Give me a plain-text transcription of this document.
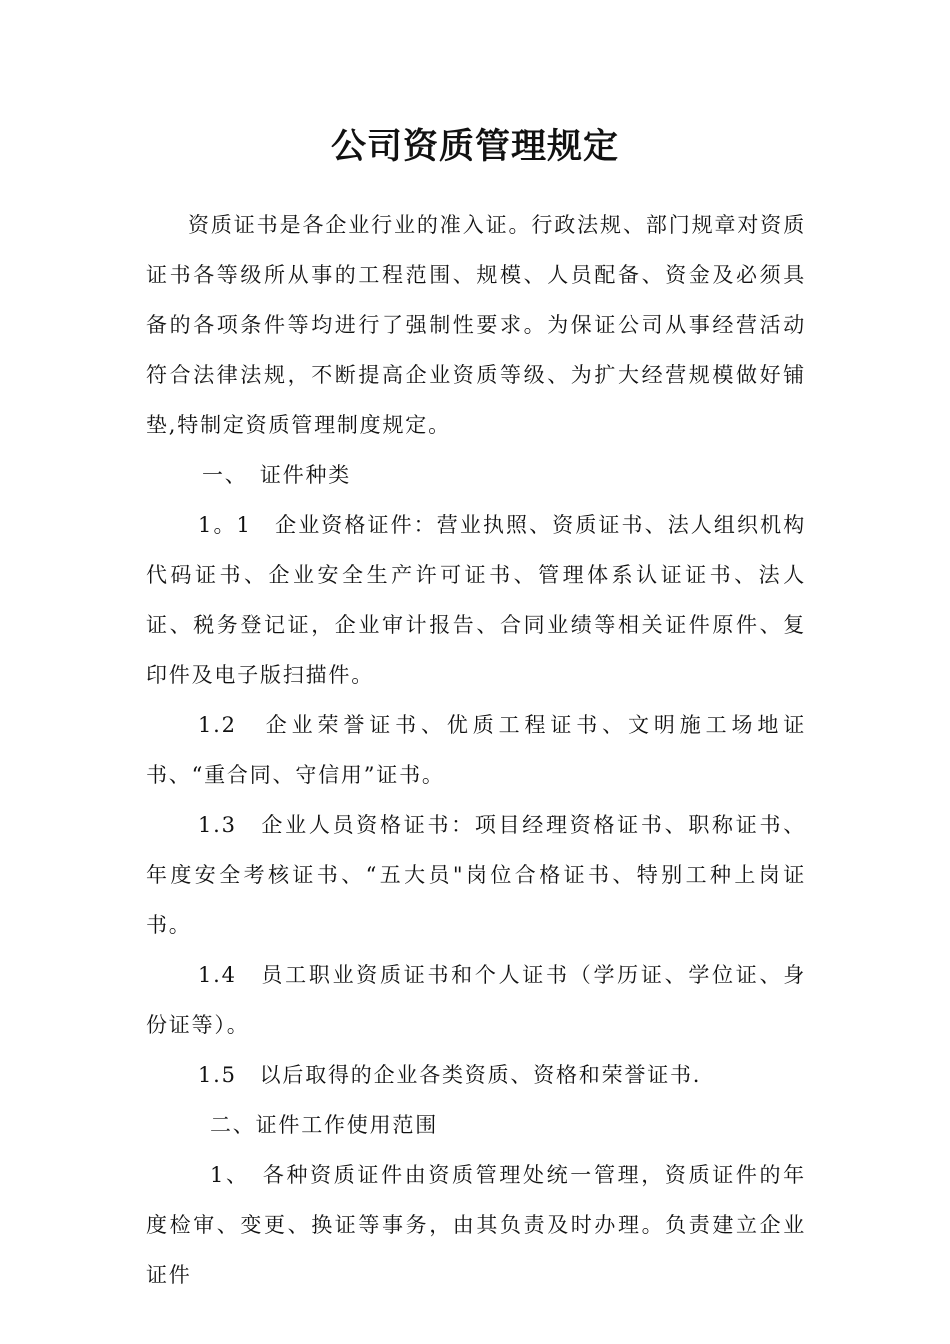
公司资质管理规定

资质证书是各企业行业的准入证。行政法规、部门规章对资质证书各等级所从事的工程范围、规模、人员配备、资金及必须具备的各项条件等均进行了强制性要求。为保证公司从事经营活动符合法律法规，不断提高企业资质等级、为扩大经营规模做好铺垫,特制定资质管理制度规定。

一、　证件种类

1。1　企业资格证件：营业执照、资质证书、法人组织机构代码证书、企业安全生产许可证书、管理体系认证证书、法人证、税务登记证，企业审计报告、合同业绩等相关证件原件、复印件及电子版扫描件。

1.2　企业荣誉证书、优质工程证书、文明施工场地证书、“重合同、守信用”证书。

1.3　企业人员资格证书：项目经理资格证书、职称证书、年度安全考核证书、“五大员"岗位合格证书、特别工种上岗证书。

1.4　员工职业资质证书和个人证书（学历证、学位证、身份证等）。

1.5　以后取得的企业各类资质、资格和荣誉证书.

二、证件工作使用范围

1、　各种资质证件由资质管理处统一管理，资质证件的年度检审、变更、换证等事务，由其负责及时办理。负责建立企业证件
